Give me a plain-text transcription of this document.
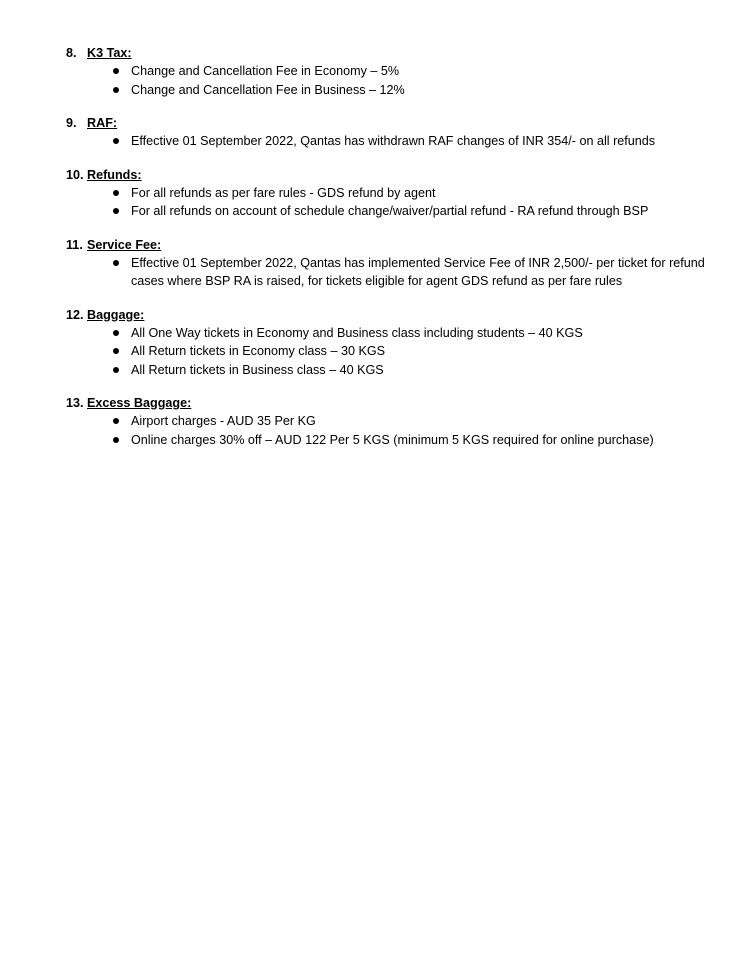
8. K3 Tax:
Change and Cancellation Fee in Economy – 5%
Change and Cancellation Fee in Business – 12%
9. RAF:
Effective 01 September 2022, Qantas has withdrawn RAF changes of INR 354/- on all refunds
10. Refunds:
For all refunds as per fare rules - GDS refund by agent
For all refunds on account of schedule change/waiver/partial refund - RA refund through BSP
11. Service Fee:
Effective 01 September 2022, Qantas has implemented Service Fee of INR 2,500/- per ticket for refund cases where BSP RA is raised, for tickets eligible for agent GDS refund as per fare rules
12. Baggage:
All One Way tickets in Economy and Business class including students – 40 KGS
All Return tickets in Economy class – 30 KGS
All Return tickets in Business class – 40 KGS
13. Excess Baggage:
Airport charges - AUD 35 Per KG
Online charges 30% off – AUD 122 Per 5 KGS (minimum 5 KGS required for online purchase)
